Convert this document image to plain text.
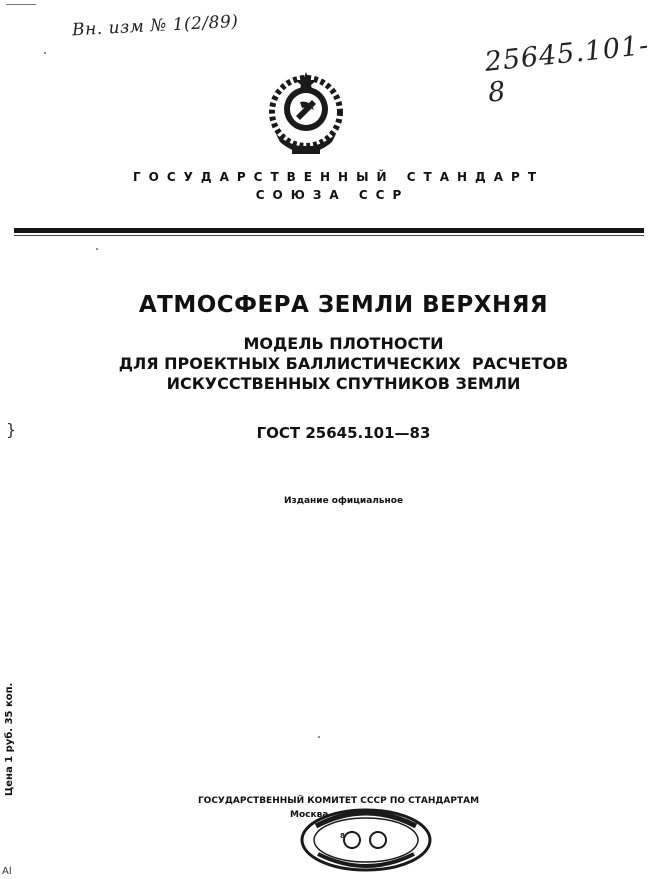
Вн. изм № 1(2/89)
25645.101-8
ГОСУДАРСТВЕННЫЙ СТАНДАРТ
СОЮЗА ССР
АТМОСФЕРА ЗЕМЛИ ВЕРХНЯЯ
МОДЕЛЬ ПЛОТНОСТИ
ДЛЯ ПРОЕКТНЫХ БАЛЛИСТИЧЕСКИХ  РАСЧЕТОВ
ИСКУССТВЕННЫХ СПУТНИКОВ ЗЕМЛИ
ГОСТ 25645.101—83
Издание официальное
}
Цена 1 руб. 35 коп.
ГОСУДАРСТВЕННЫЙ КОМИТЕТ СССР ПО СТАНДАРТАМ
Москва
8
Al
